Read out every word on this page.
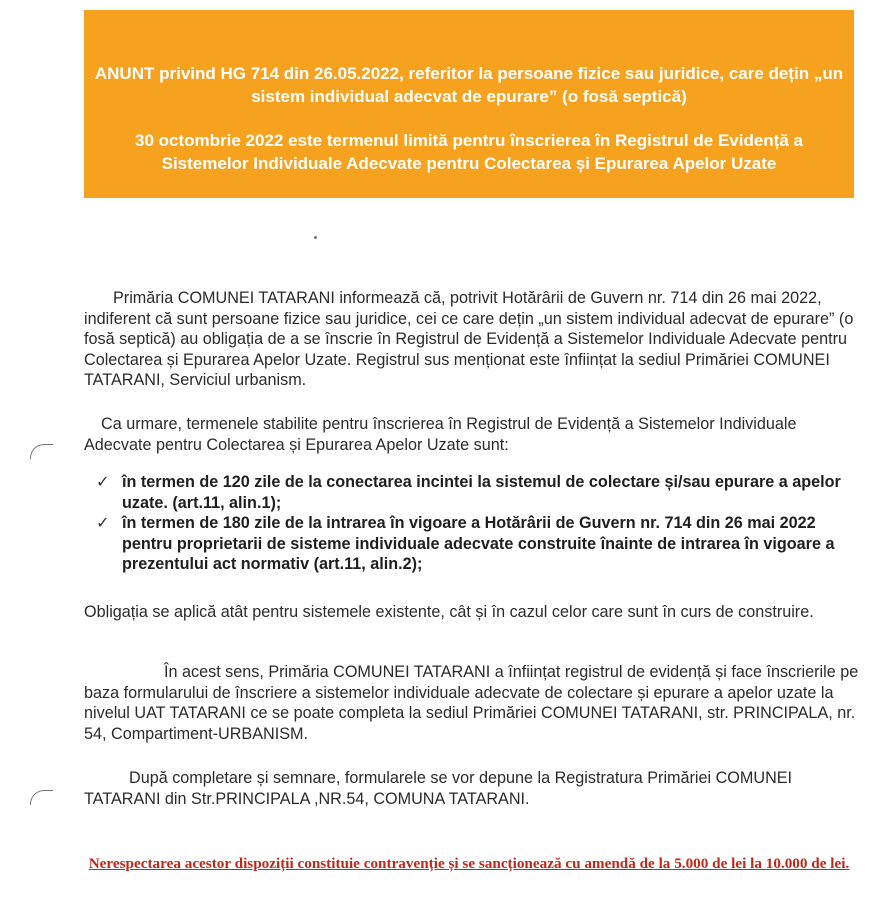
ANUNT privind HG 714 din 26.05.2022, referitor la persoane fizice sau juridice, care dețin „un sistem individual adecvat de epurare” (o fosă septică)
30 octombrie 2022 este termenul limită pentru înscrierea în Registrul de Evidență a Sistemelor Individuale Adecvate pentru Colectarea și Epurarea Apelor Uzate

Primăria COMUNEI TATARANI informează că, potrivit Hotărârii de Guvern nr. 714 din 26 mai 2022, indiferent că sunt persoane fizice sau juridice, cei ce care dețin „un sistem individual adecvat de epurare” (o fosă septică) au obligația de a se înscrie în Registrul de Evidență a Sistemelor Individuale Adecvate pentru Colectarea și Epurarea Apelor Uzate. Registrul sus menționat este înființat la sediul Primăriei COMUNEI TATARANI, Serviciul urbanism.

Ca urmare, termenele stabilite pentru înscrierea în Registrul de Evidență a Sistemelor Individuale Adecvate pentru Colectarea și Epurarea Apelor Uzate sunt:

✓ în termen de 120 zile de la conectarea incintei la sistemul de colectare și/sau epurare a apelor uzate. (art.11, alin.1);
✓ în termen de 180 zile de la intrarea în vigoare a Hotărârii de Guvern nr. 714 din 26 mai 2022 pentru proprietarii de sisteme individuale adecvate construite înainte de intrarea în vigoare a prezentului act normativ (art.11, alin.2);

Obligația se aplică atât pentru sistemele existente, cât și în cazul celor care sunt în curs de construire.

În acest sens, Primăria COMUNEI TATARANI a înființat registrul de evidență și face înscrierile pe baza formularului de înscriere a sistemelor individuale adecvate de colectare și epurare a apelor uzate la nivelul UAT TATARANI ce se poate completa la sediul Primăriei COMUNEI TATARANI, str. PRINCIPALA, nr. 54, Compartiment-URBANISM.

După completare și semnare, formularele se vor depune la Registratura Primăriei COMUNEI TATARANI din Str.PRINCIPALA ,NR.54, COMUNA TATARANI.

Nerespectarea acestor dispoziții constituie contravenție și se sancționează cu amendă de la 5.000 de lei la 10.000 de lei.
